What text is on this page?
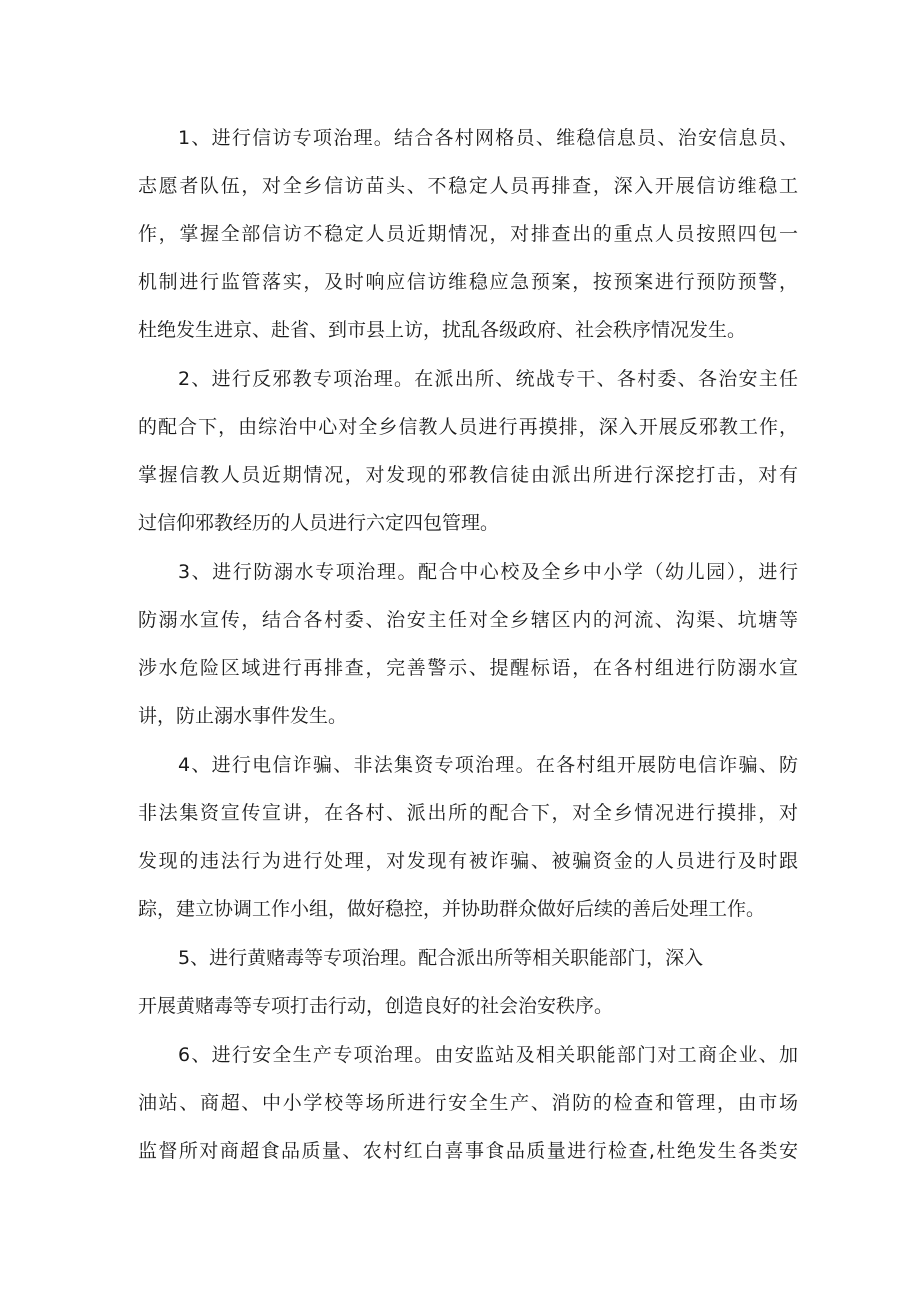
1、进行信访专项治理。结合各村网格员、维稳信息员、治安信息员、
志愿者队伍，对全乡信访苗头、不稳定人员再排查，深入开展信访维稳工
作，掌握全部信访不稳定人员近期情况，对排查出的重点人员按照四包一
机制进行监管落实，及时响应信访维稳应急预案，按预案进行预防预警，
杜绝发生进京、赴省、到市县上访，扰乱各级政府、社会秩序情况发生。
2、进行反邪教专项治理。在派出所、统战专干、各村委、各治安主任
的配合下，由综治中心对全乡信教人员进行再摸排，深入开展反邪教工作，
掌握信教人员近期情况，对发现的邪教信徒由派出所进行深挖打击，对有
过信仰邪教经历的人员进行六定四包管理。
3、进行防溺水专项治理。配合中心校及全乡中小学（幼儿园），进行
防溺水宣传，结合各村委、治安主任对全乡辖区内的河流、沟渠、坑塘等
涉水危险区域进行再排查，完善警示、提醒标语，在各村组进行防溺水宣
讲，防止溺水事件发生。
4、进行电信诈骗、非法集资专项治理。在各村组开展防电信诈骗、防
非法集资宣传宣讲，在各村、派出所的配合下，对全乡情况进行摸排，对
发现的违法行为进行处理，对发现有被诈骗、被骗资金的人员进行及时跟
踪，建立协调工作小组，做好稳控，并协助群众做好后续的善后处理工作。
5、进行黄赌毒等专项治理。配合派出所等相关职能部门，深入
开展黄赌毒等专项打击行动，创造良好的社会治安秩序。
6、进行安全生产专项治理。由安监站及相关职能部门对工商企业、加
油站、商超、中小学校等场所进行安全生产、消防的检查和管理，由市场
监督所对商超食品质量、农村红白喜事食品质量进行检查,杜绝发生各类安
